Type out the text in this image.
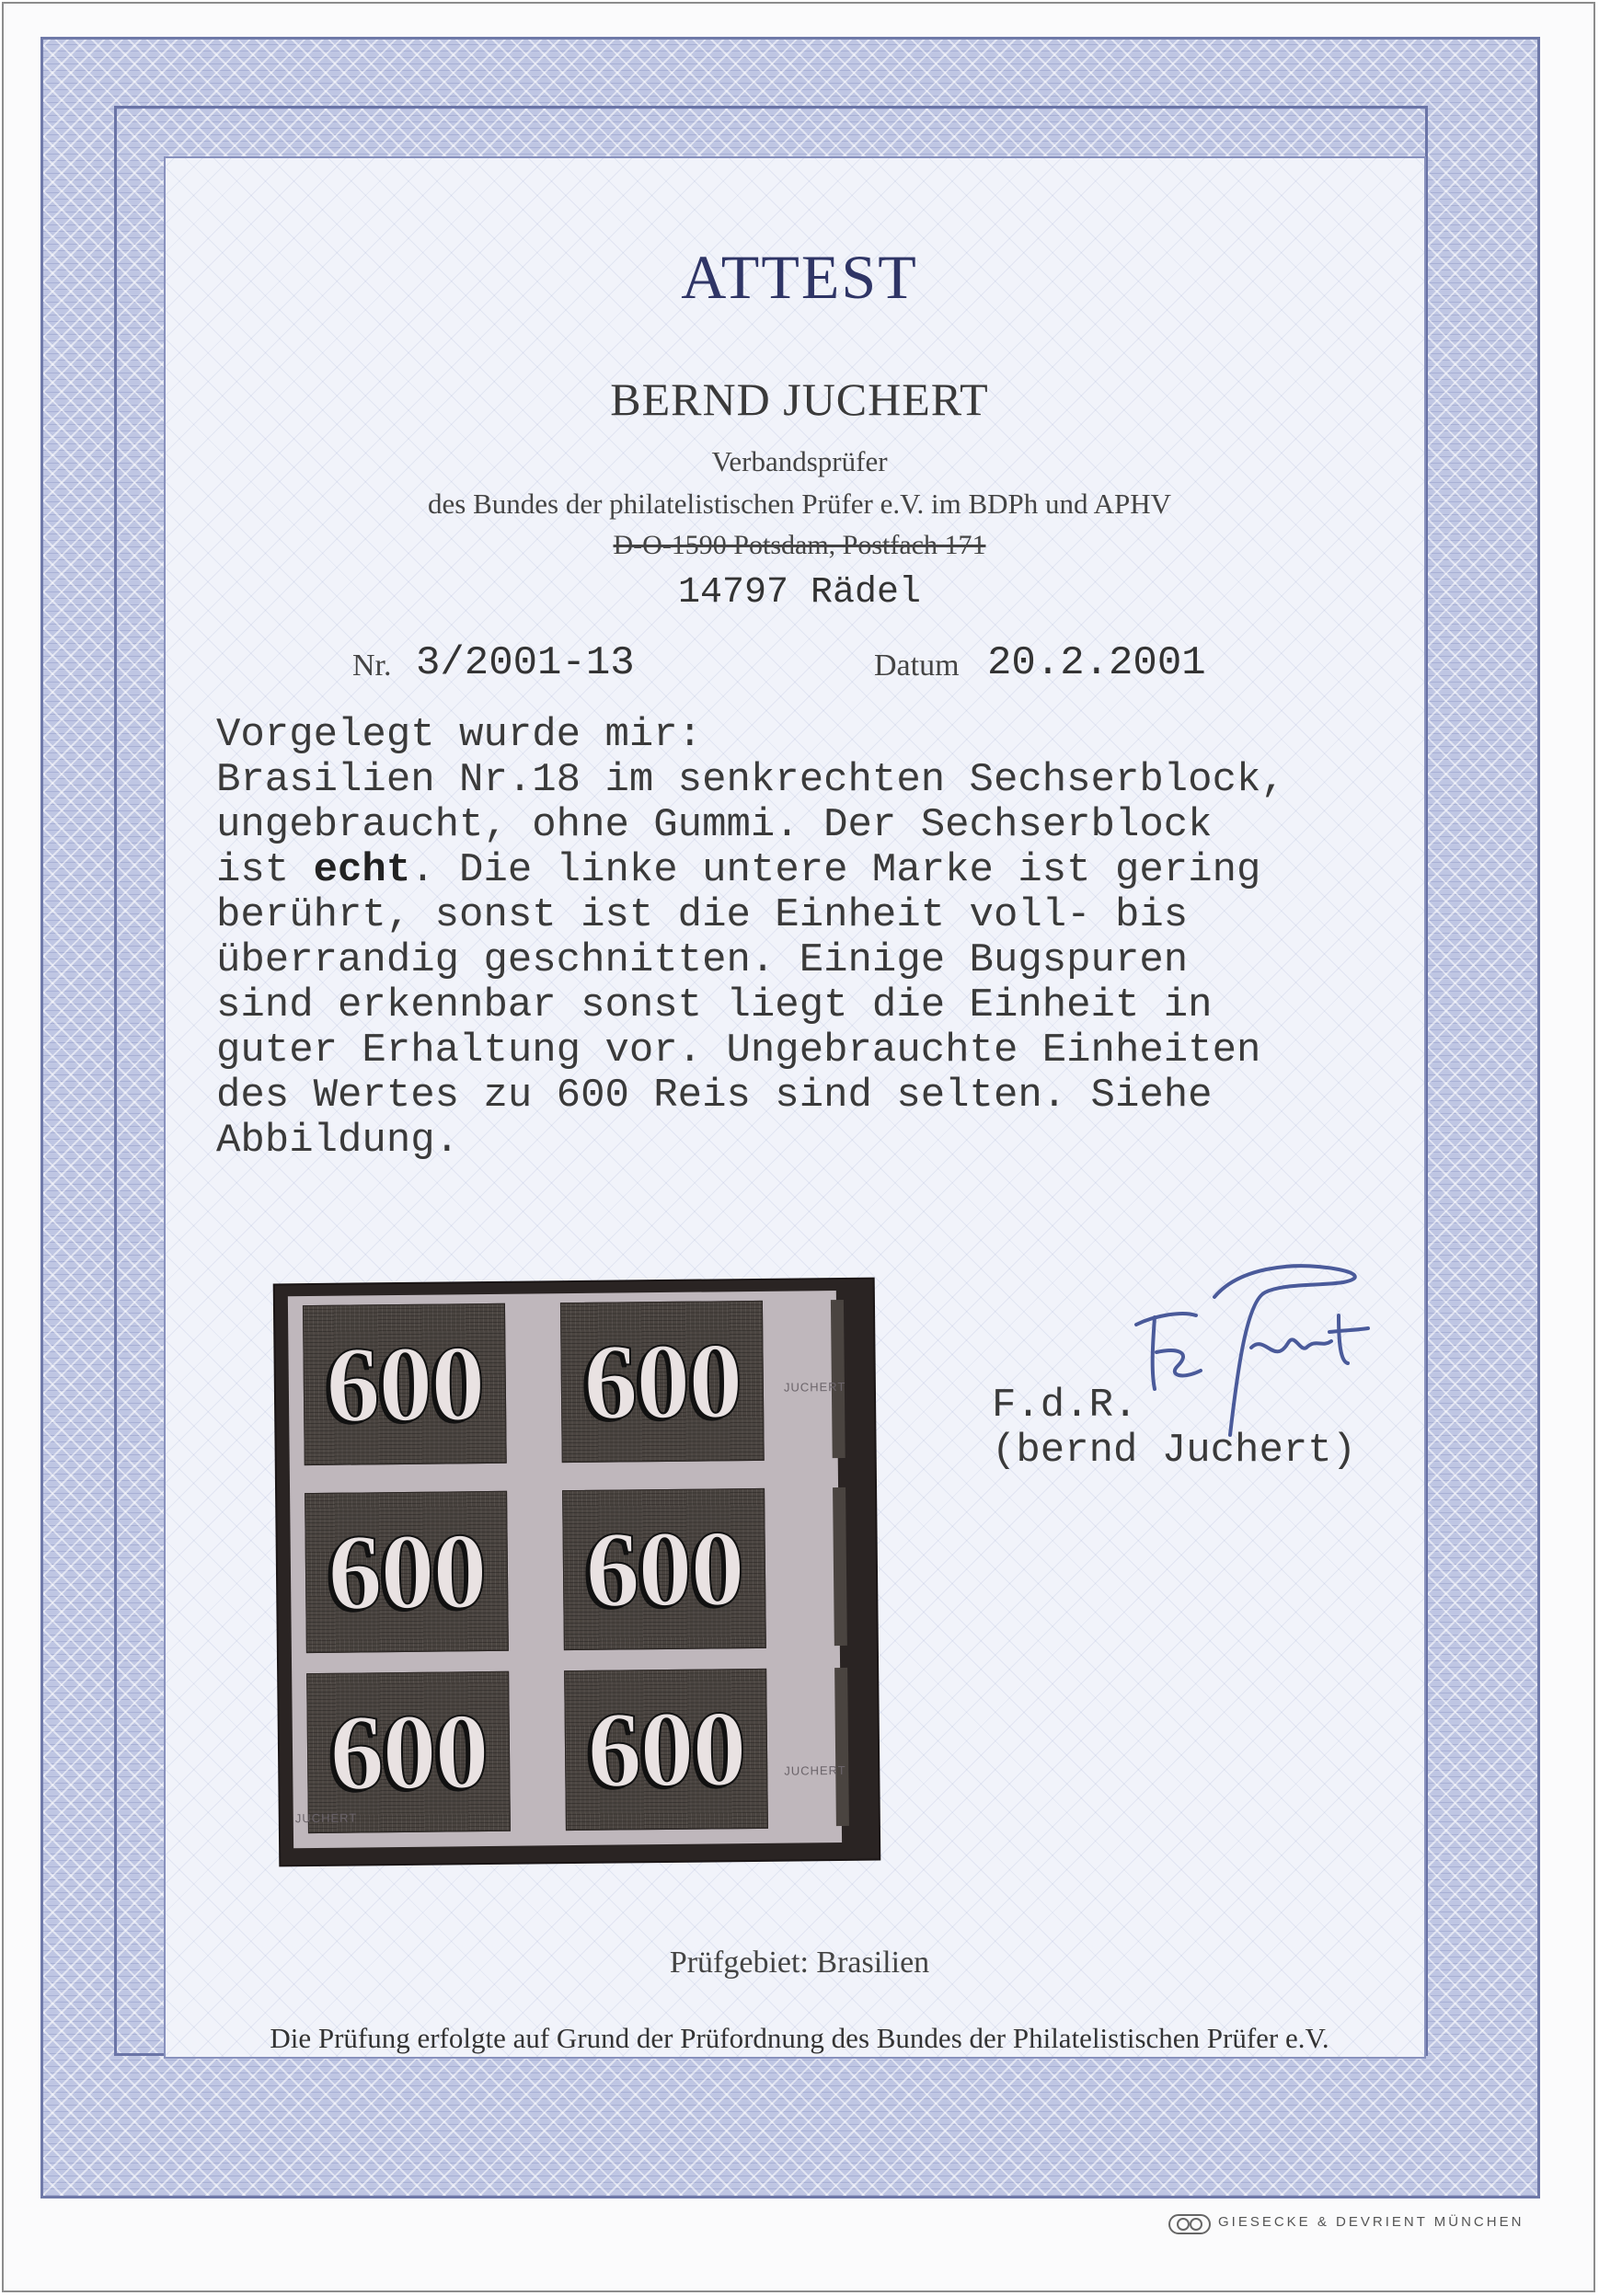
ATTEST
BERND JUCHERT
Verbandsprüfer
des Bundes der philatelistischen Prüfer e.V. im BDPh und APHV
D-O-1590 Potsdam, Postfach 171
14797 Rädel
Nr. 3/2001-13	Datum 20.2.2001
Vorgelegt wurde mir:
Brasilien Nr.18 im senkrechten Sechserblock,
ungebraucht, ohne Gummi. Der Sechserblock
ist echt. Die linke untere Marke ist gering
berührt, sonst ist die Einheit voll- bis
überrandig geschnitten. Einige Bugspuren
sind erkennbar sonst liegt die Einheit in
guter Erhaltung vor. Ungebrauchte Einheiten
des Wertes zu 600 Reis sind selten. Siehe
Abbildung.
600 600
600 600
600 600
JUCHERT
JUCHERT
JUCHERT
F.d.R.
(bernd Juchert)
Prüfgebiet: Brasilien
Die Prüfung erfolgte auf Grund der Prüfordnung des Bundes der Philatelistischen Prüfer e.V.
GIESECKE & DEVRIENT MÜNCHEN
